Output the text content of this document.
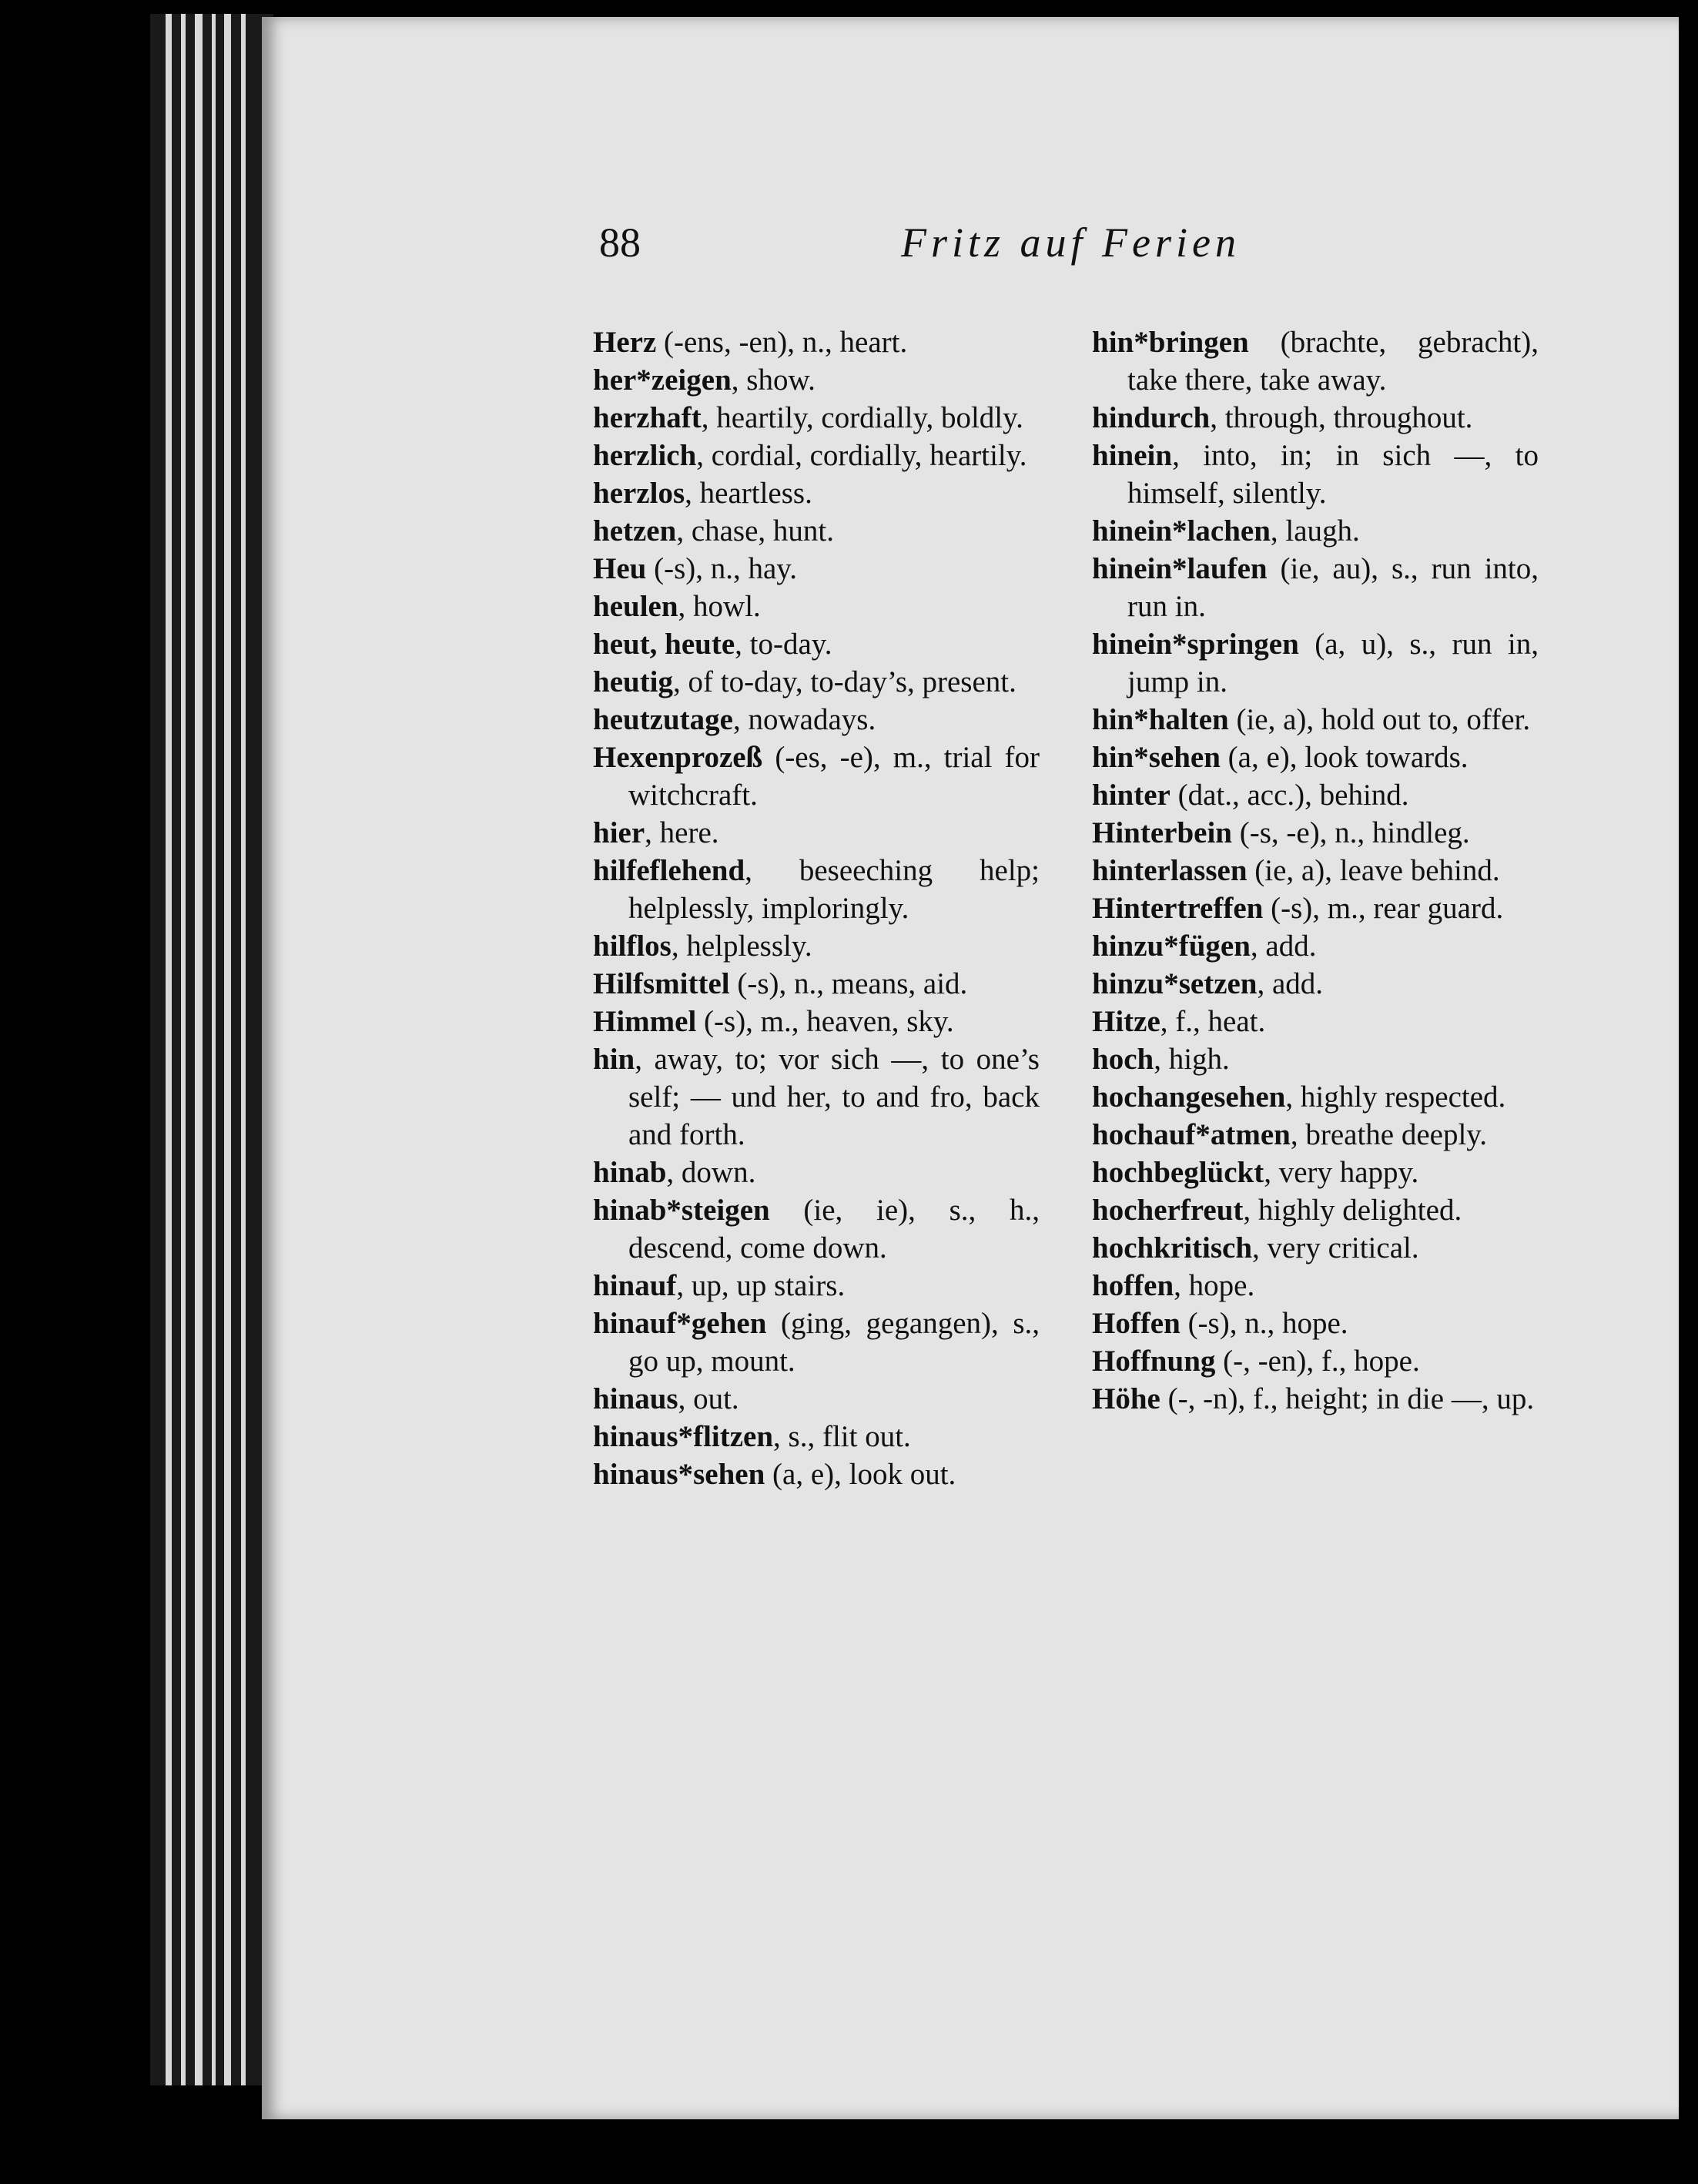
88	Fritz auf Ferien
Herz (-ens, -en), n., heart.
her*zeigen, show.
herzhaft, heartily, cordially, boldly.
herzlich, cordial, cordially, heartily.
herzlos, heartless.
hetzen, chase, hunt.
Heu (-s), n., hay.
heulen, howl.
heut, heute, to-day.
heutig, of to-day, to-day’s, present.
heutzutage, nowadays.
Hexenprozeß (-es, -e), m., trial for witchcraft.
hier, here.
hilfeflehend, beseeching help; helplessly, imploringly.
hilflos, helplessly.
Hilfsmittel (-s), n., means, aid.
Himmel (-s), m., heaven, sky.
hin, away, to; vor sich —, to one’s self; — und her, to and fro, back and forth.
hinab, down.
hinab*steigen (ie, ie), s., h., descend, come down.
hinauf, up, up stairs.
hinauf*gehen (ging, gegangen), s., go up, mount.
hinaus, out.
hinaus*flitzen, s., flit out.
hinaus*sehen (a, e), look out.
hin*bringen (brachte, gebracht), take there, take away.
hindurch, through, throughout.
hinein, into, in; in sich —, to himself, silently.
hinein*lachen, laugh.
hinein*laufen (ie, au), s., run into, run in.
hinein*springen (a, u), s., run in, jump in.
hin*halten (ie, a), hold out to, offer.
hin*sehen (a, e), look towards.
hinter (dat., acc.), behind.
Hinterbein (-s, -e), n., hindleg.
hinterlassen (ie, a), leave behind.
Hintertreffen (-s), m., rear guard.
hinzu*fügen, add.
hinzu*setzen, add.
Hitze, f., heat.
hoch, high.
hochangesehen, highly respected.
hochauf*atmen, breathe deeply.
hochbeglückt, very happy.
hocherfreut, highly delighted.
hochkritisch, very critical.
hoffen, hope.
Hoffen (-s), n., hope.
Hoffnung (-, -en), f., hope.
Höhe (-, -n), f., height; in die —, up.
